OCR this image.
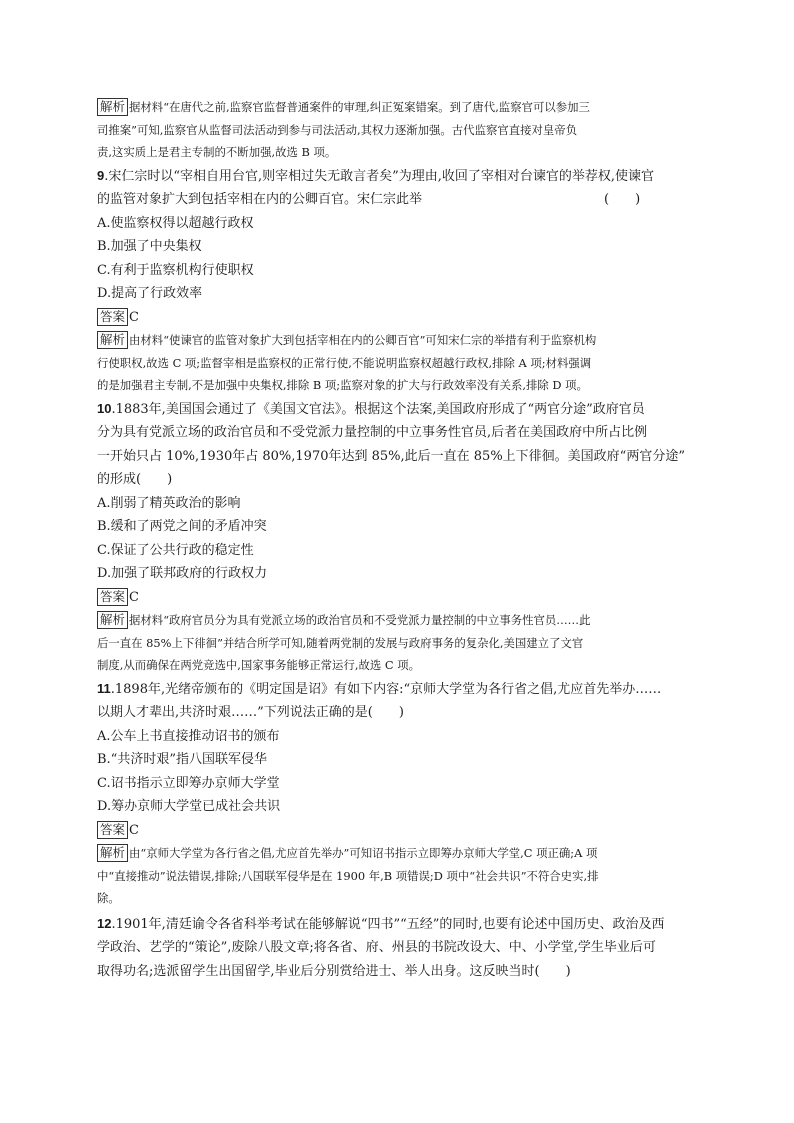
解析 据材料“在唐代之前,监察官监督普通案件的审理,纠正冤案错案。到了唐代,监察官可以参加三
司推案”可知,监察官从监督司法活动到参与司法活动,其权力逐渐加强。古代监察官直接对皇帝负
责,这实质上是君主专制的不断加强,故选 B 项。
9.宋仁宗时以“宰相自用台官,则宰相过失无敢言者矣”为理由,收回了宰相对台谏官的举荐权,使谏官
的监管对象扩大到包括宰相在内的公卿百官。宋仁宗此举　　　　　　　　　　　　　　(　　)
A.使监察权得以超越行政权
B.加强了中央集权
C.有利于监察机构行使职权
D.提高了行政效率
答案 C
解析 由材料“使谏官的监管对象扩大到包括宰相在内的公卿百官”可知宋仁宗的举措有利于监察机构
行使职权,故选 C 项;监督宰相是监察权的正常行使,不能说明监察权超越行政权,排除 A 项;材料强调
的是加强君主专制,不是加强中央集权,排除 B 项;监察对象的扩大与行政效率没有关系,排除 D 项。
10.1883年,美国国会通过了《美国文官法》。根据这个法案,美国政府形成了“两官分途”政府官员
分为具有党派立场的政治官员和不受党派力量控制的中立事务性官员,后者在美国政府中所占比例
一开始只占 10%,1930年占 80%,1970年达到 85%,此后一直在 85%上下徘徊。美国政府“两官分途”
的形成(　　)
A.削弱了精英政治的影响
B.缓和了两党之间的矛盾冲突
C.保证了公共行政的稳定性
D.加强了联邦政府的行政权力
答案 C
解析 据材料“政府官员分为具有党派立场的政治官员和不受党派力量控制的中立事务性官员……此
后一直在 85%上下徘徊”并结合所学可知,随着两党制的发展与政府事务的复杂化,美国建立了文官
制度,从而确保在两党竞选中,国家事务能够正常运行,故选 C 项。
11.1898年,光绪帝颁布的《明定国是诏》有如下内容:“京师大学堂为各行省之倡,尤应首先举办……
以期人才辈出,共济时艰……”下列说法正确的是(　　)
A.公车上书直接推动诏书的颁布
B.“共济时艰”指八国联军侵华
C.诏书指示立即筹办京师大学堂
D.筹办京师大学堂已成社会共识
答案 C
解析 由“京师大学堂为各行省之倡,尤应首先举办”可知诏书指示立即筹办京师大学堂,C 项正确;A 项
中“直接推动”说法错误,排除;八国联军侵华是在 1900 年,B 项错误;D 项中“社会共识”不符合史实,排
除。
12.1901年,清廷谕令各省科举考试在能够解说“四书”“五经”的同时,也要有论述中国历史、政治及西
学政治、艺学的“策论”,废除八股文章;将各省、府、州县的书院改设大、中、小学堂,学生毕业后可
取得功名;选派留学生出国留学,毕业后分别赏给进士、举人出身。这反映当时(　　)
